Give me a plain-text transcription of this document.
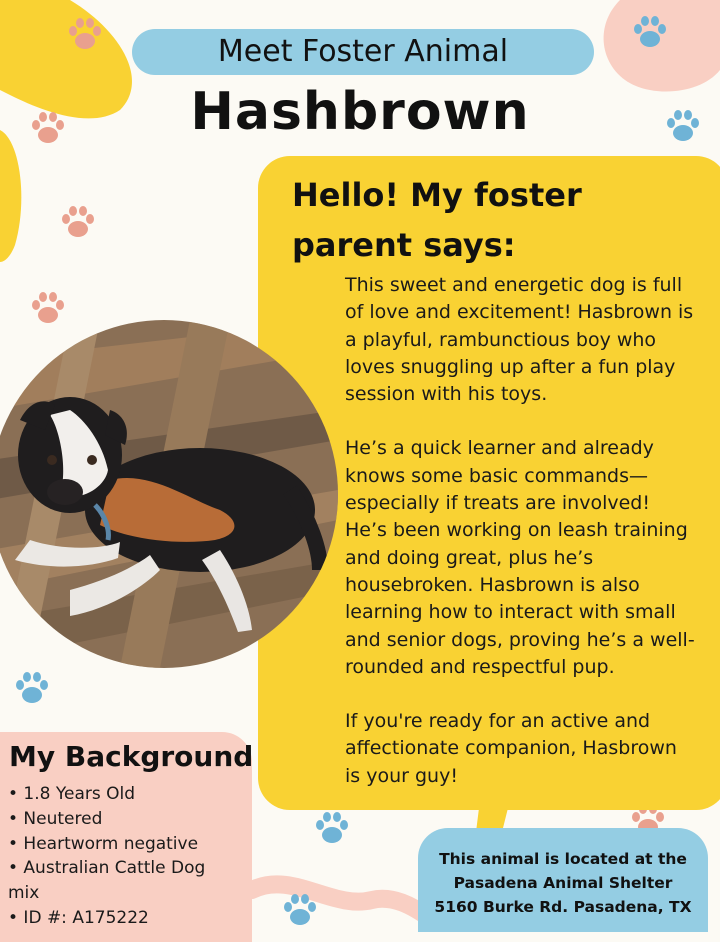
Meet Foster Animal
Hashbrown
Hello! My foster
parent says:

This sweet and energetic dog is full of love and excitement! Hasbrown is a playful, rambunctious boy who loves snuggling up after a fun play session with his toys.

He’s a quick learner and already knows some basic commands—especially if treats are involved! He’s been working on leash training and doing great, plus he’s housebroken. Hasbrown is also learning how to interact with small and senior dogs, proving he’s a well-rounded and respectful pup.

If you're ready for an active and affectionate companion, Hasbrown is your guy!

My Background
• 1.8 Years Old
• Neutered
• Heartworm negative
• Australian Cattle Dog mix
• ID #: A175222
This animal is located at the
Pasadena Animal Shelter
5160 Burke Rd. Pasadena, TX
